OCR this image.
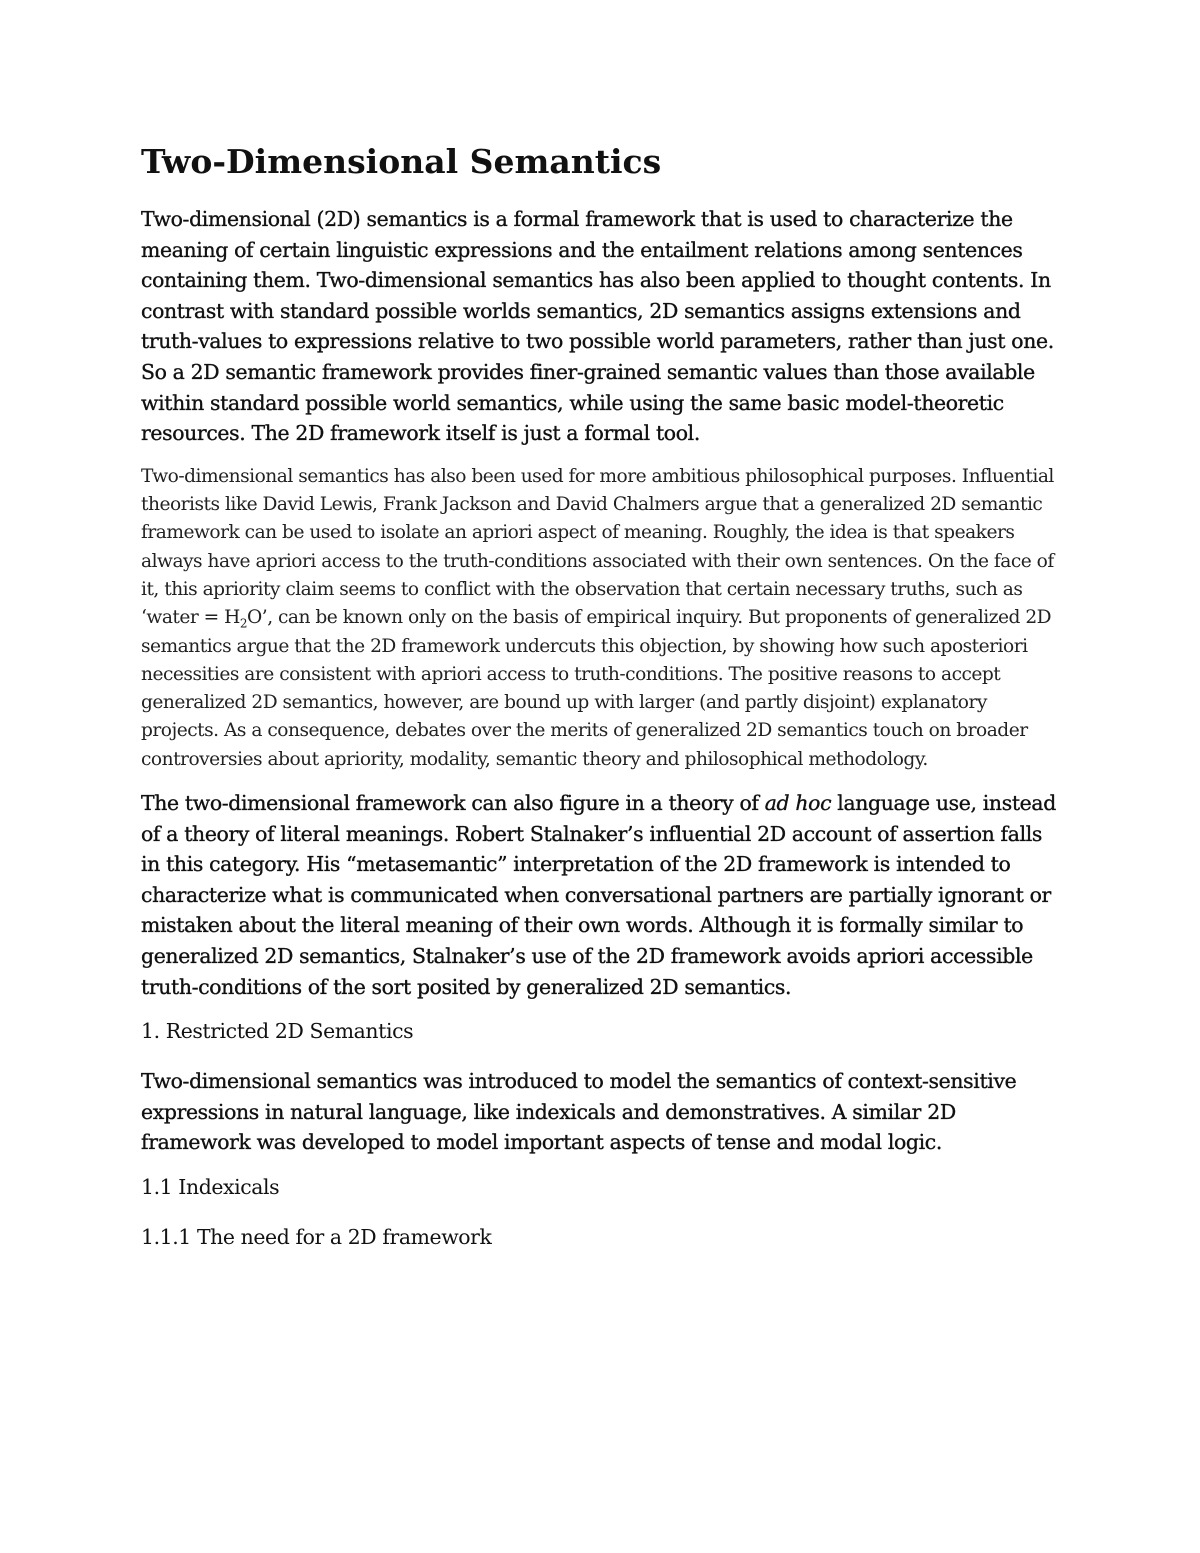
Two-Dimensional Semantics

Two-dimensional (2D) semantics is a formal framework that is used to characterize the meaning of certain linguistic expressions and the entailment relations among sentences containing them. Two-dimensional semantics has also been applied to thought contents. In contrast with standard possible worlds semantics, 2D semantics assigns extensions and truth-values to expressions relative to two possible world parameters, rather than just one. So a 2D semantic framework provides finer-grained semantic values than those available within standard possible world semantics, while using the same basic model-theoretic resources. The 2D framework itself is just a formal tool.

Two-dimensional semantics has also been used for more ambitious philosophical purposes. Influential theorists like David Lewis, Frank Jackson and David Chalmers argue that a generalized 2D semantic framework can be used to isolate an apriori aspect of meaning. Roughly, the idea is that speakers always have apriori access to the truth-conditions associated with their own sentences. On the face of it, this apriority claim seems to conflict with the observation that certain necessary truths, such as ‘water = $H_2O$’, can be known only on the basis of empirical inquiry. But proponents of generalized 2D semantics argue that the 2D framework undercuts this objection, by showing how such aposteriori necessities are consistent with apriori access to truth-conditions. The positive reasons to accept generalized 2D semantics, however, are bound up with larger (and partly disjoint) explanatory projects. As a consequence, debates over the merits of generalized 2D semantics touch on broader controversies about apriority, modality, semantic theory and philosophical methodology.

The two-dimensional framework can also figure in a theory of ad hoc language use, instead of a theory of literal meanings. Robert Stalnaker’s influential 2D account of assertion falls in this category. His “metasemantic” interpretation of the 2D framework is intended to characterize what is communicated when conversational partners are partially ignorant or mistaken about the literal meaning of their own words. Although it is formally similar to generalized 2D semantics, Stalnaker’s use of the 2D framework avoids apriori accessible truth-conditions of the sort posited by generalized 2D semantics.

1. Restricted 2D Semantics

Two-dimensional semantics was introduced to model the semantics of context-sensitive expressions in natural language, like indexicals and demonstratives. A similar 2D framework was developed to model important aspects of tense and modal logic.

1.1 Indexicals

1.1.1 The need for a 2D framework
